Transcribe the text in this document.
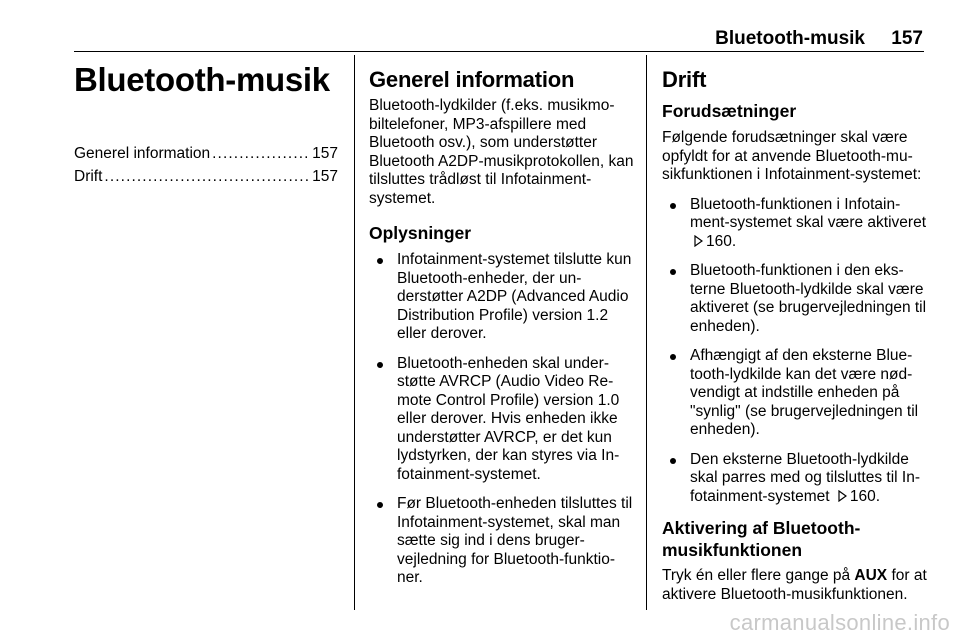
Bluetooth-musik 157
Bluetooth-musik
Generel information . . .	157
Drift . . .	157
Generel information

Bluetooth-lydkilder (f.eks. musikmobiltelefoner, MP3-afspillere med Bluetooth osv.), som understøtter Bluetooth A2DP-musikprotokollen, kan tilsluttes trådløst til Infotainmentsystemet.

Oplysninger
Infotainment-systemet tilslutte kun Bluetooth-enheder, der understøtter A2DP (Advanced Audio Distribution Profile) version 1.2 eller derover.
Bluetooth-enheden skal understøtte AVRCP (Audio Video Remote Control Profile) version 1.0 eller derover. Hvis enheden ikke understøtter AVRCP, er det kun lydstyrken, der kan styres via Infotainment-systemet.
Før Bluetooth-enheden tilsluttes til Infotainment-systemet, skal man sætte sig ind i dens brugervejledning for Bluetooth-funktioner.
Drift
Forudsætninger

Følgende forudsætninger skal være opfyldt for at anvende Bluetooth-musikfunktionen i Infotainment-systemet:

Bluetooth-funktionen i Infotainment-systemet skal være aktiveret 160.
Bluetooth-funktionen i den eksterne Bluetooth-lydkilde skal være aktiveret (se brugervejledningen til enheden).
Afhængigt af den eksterne Bluetooth-lydkilde kan det være nødvendigt at indstille enheden på "synlig" (se brugervejledningen til enheden).
Den eksterne Bluetooth-lydkilde skal parres med og tilsluttes til Infotainment-systemet 160.
Aktivering af Bluetooth-musikfunktionen

Tryk én eller flere gange på AUX for at aktivere Bluetooth-musikfunktionen.

carmanualsonline.info
